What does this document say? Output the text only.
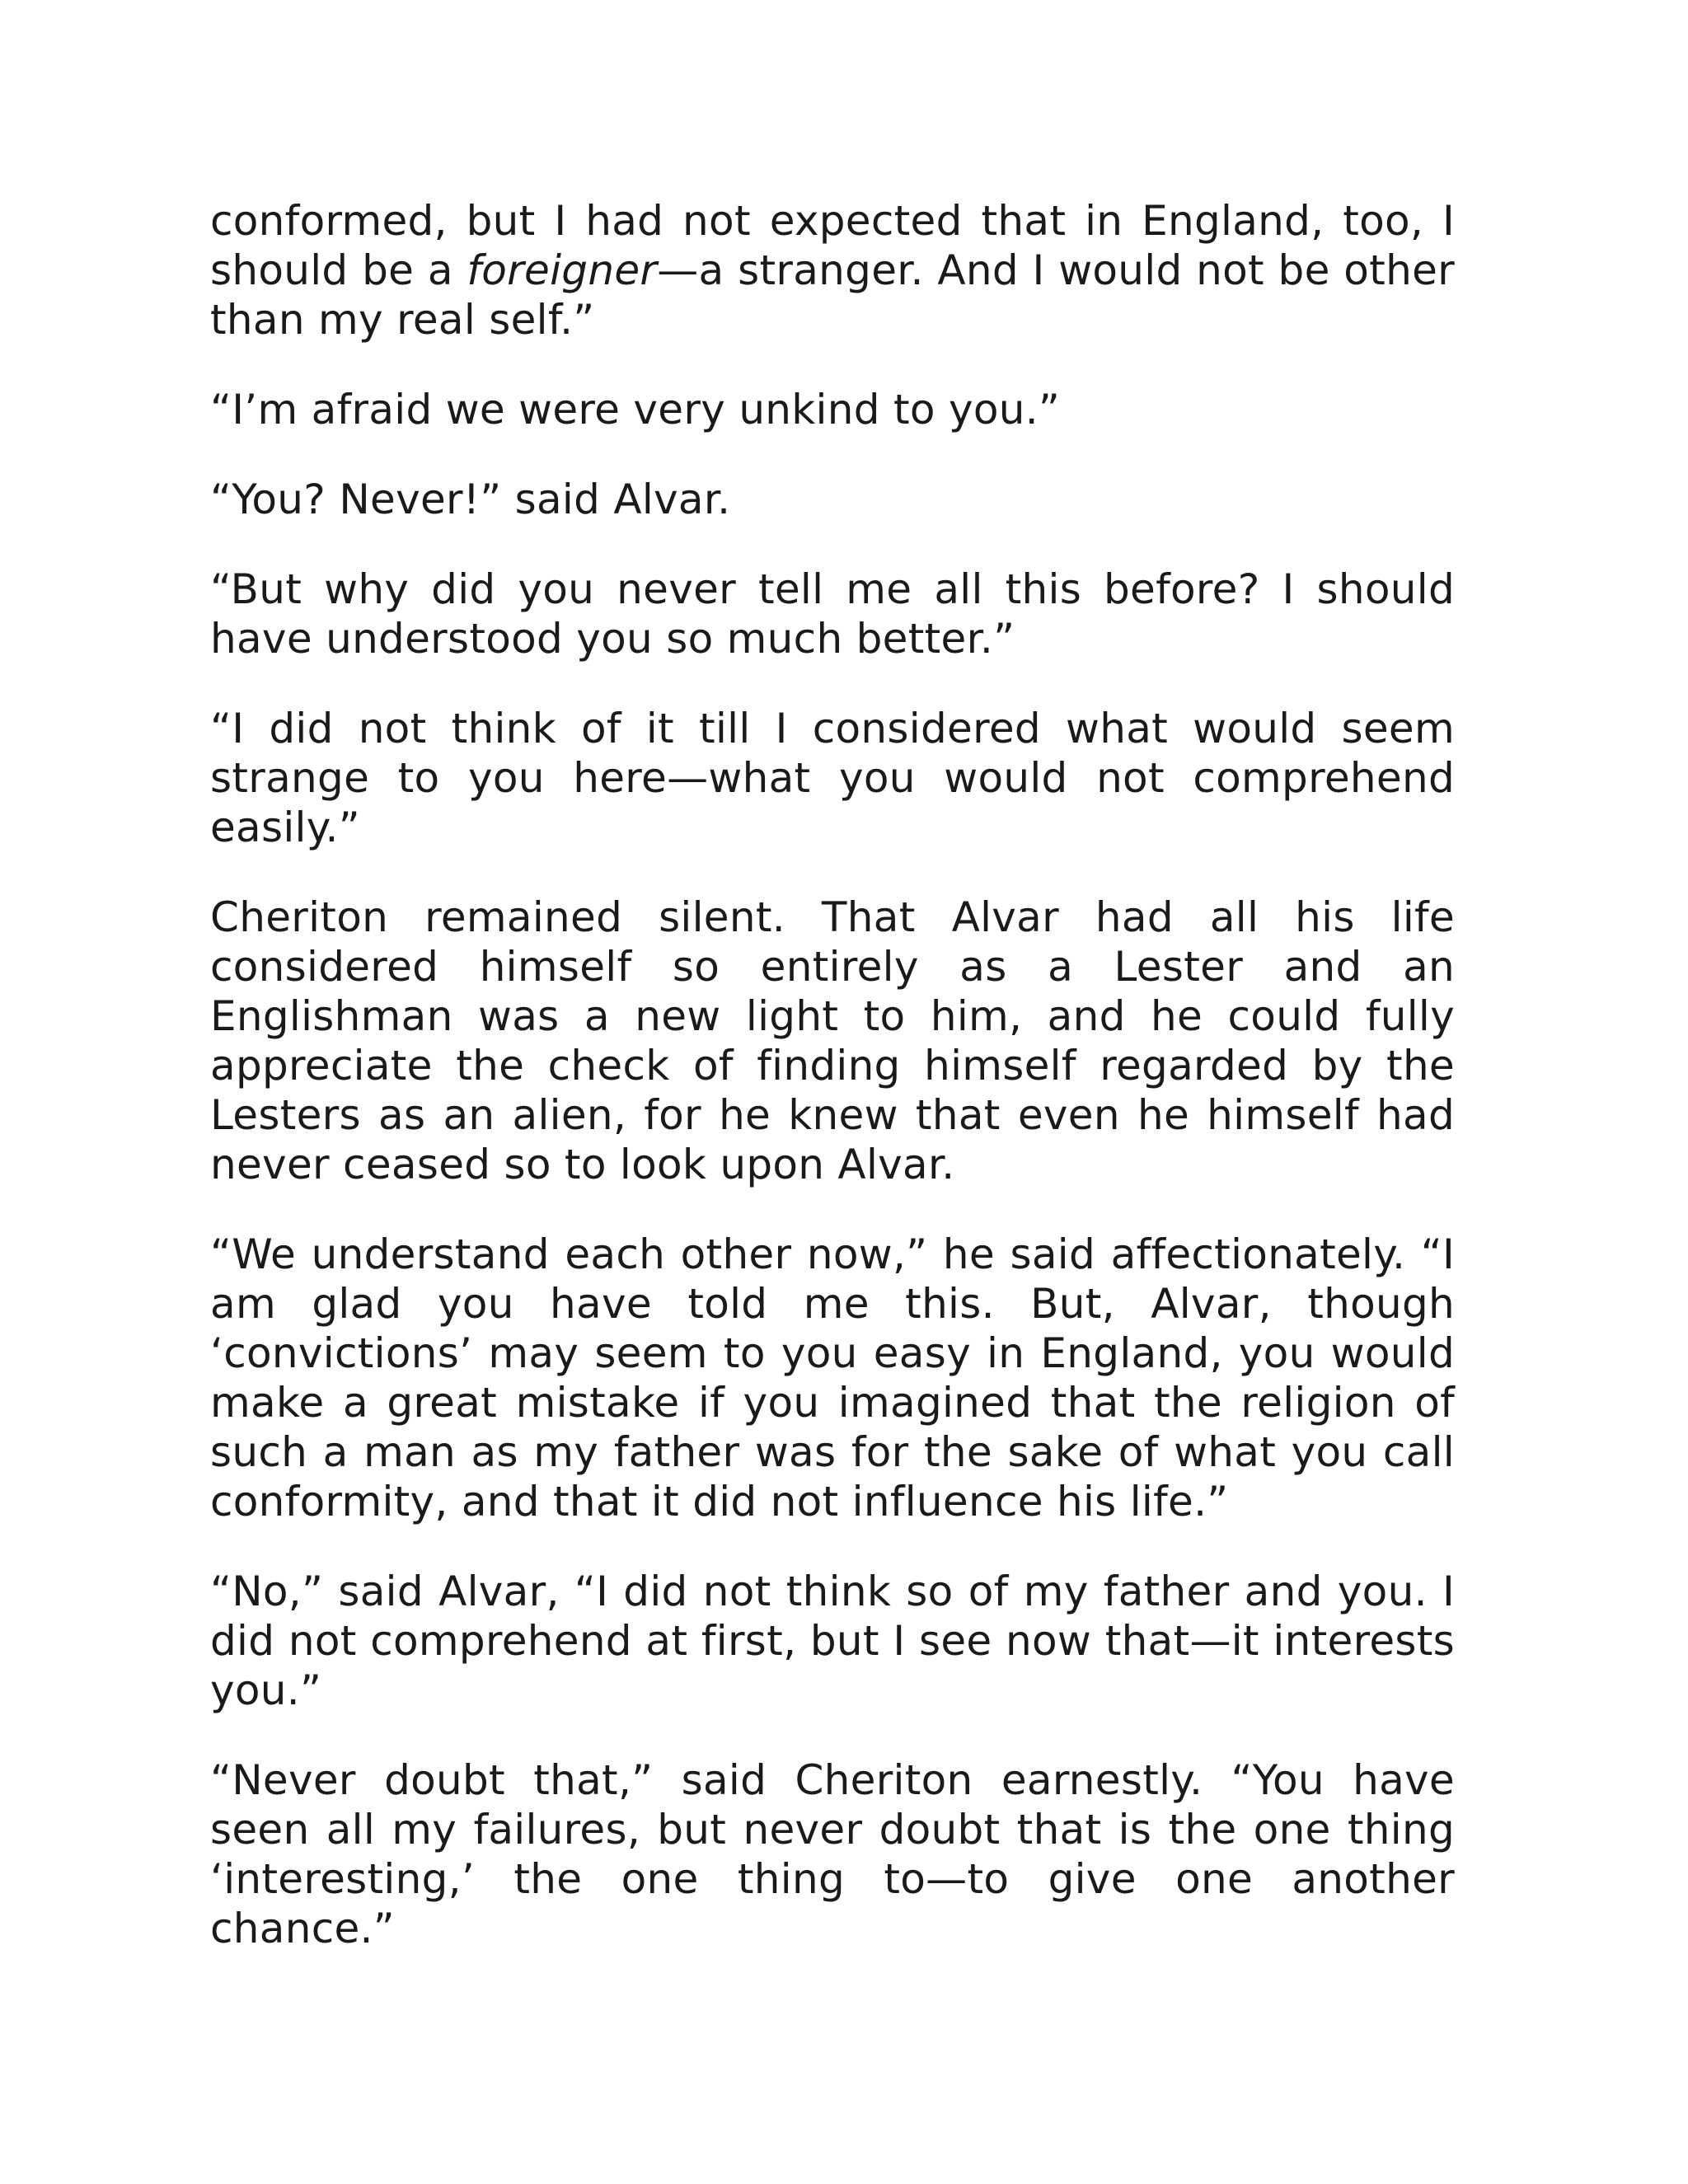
conformed, but I had not expected that in England, too, I should be a foreigner—a stranger. And I would not be other than my real self.”

“I’m afraid we were very unkind to you.”

“You? Never!” said Alvar.

“But why did you never tell me all this before? I should have understood you so much better.”

“I did not think of it till I considered what would seem strange to you here—what you would not comprehend easily.”

Cheriton remained silent. That Alvar had all his life considered himself so entirely as a Lester and an Englishman was a new light to him, and he could fully appreciate the check of finding himself regarded by the Lesters as an alien, for he knew that even he himself had never ceased so to look upon Alvar.

“We understand each other now,” he said affectionately. “I am glad you have told me this. But, Alvar, though ‘convictions’ may seem to you easy in England, you would make a great mistake if you imagined that the religion of such a man as my father was for the sake of what you call conformity, and that it did not influence his life.”

“No,” said Alvar, “I did not think so of my father and you. I did not comprehend at first, but I see now that—it interests you.”

“Never doubt that,” said Cheriton earnestly. “You have seen all my failures, but never doubt that is the one thing ‘interesting,’ the one thing to—to give one another chance.”
